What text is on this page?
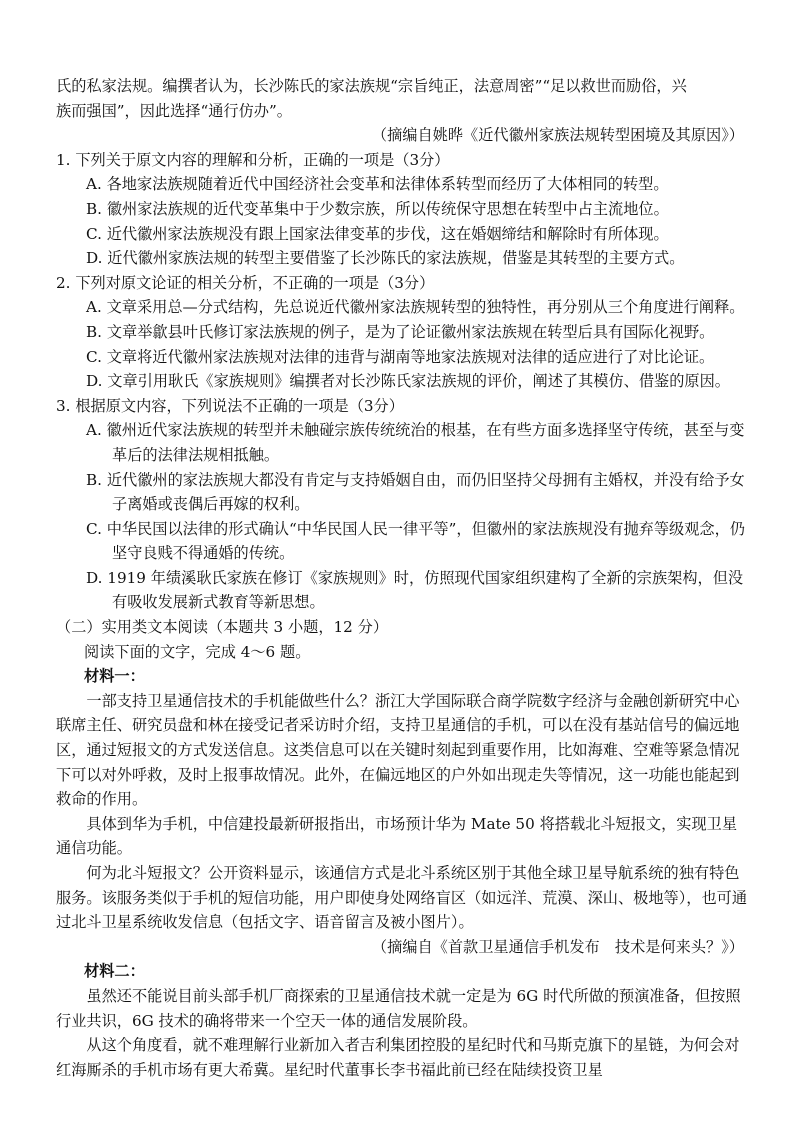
氏的私家法规。编撰者认为，长沙陈氏的家法族规“宗旨纯正，法意周密”“足以救世而励俗，兴

族而强国”，因此选择“通行仿办”。

（摘编自姚晔《近代徽州家族法规转型困境及其原因》）

1. 下列关于原文内容的理解和分析，正确的一项是（3分）

A. 各地家法族规随着近代中国经济社会变革和法律体系转型而经历了大体相同的转型。

B. 徽州家法族规的近代变革集中于少数宗族，所以传统保守思想在转型中占主流地位。

C. 近代徽州家法族规没有跟上国家法律变革的步伐，这在婚姻缔结和解除时有所体现。

D. 近代徽州家族法规的转型主要借鉴了长沙陈氏的家法族规，借鉴是其转型的主要方式。

2. 下列对原文论证的相关分析，不正确的一项是（3分）

A. 文章采用总—分式结构，先总说近代徽州家法族规转型的独特性，再分别从三个角度进行阐释。

B. 文章举歙县叶氏修订家法族规的例子，是为了论证徽州家法族规在转型后具有国际化视野。

C. 文章将近代徽州家法族规对法律的违背与湖南等地家法族规对法律的适应进行了对比论证。

D. 文章引用耿氏《家族规则》编撰者对长沙陈氏家法族规的评价，阐述了其模仿、借鉴的原因。

3. 根据原文内容，下列说法不正确的一项是（3分）

A. 徽州近代家法族规的转型并未触碰宗族传统统治的根基，在有些方面多选择坚守传统，甚至与变革后的法律法规相抵触。

B. 近代徽州的家法族规大都没有肯定与支持婚姻自由，而仍旧坚持父母拥有主婚权，并没有给予女子离婚或丧偶后再嫁的权利。

C. 中华民国以法律的形式确认“中华民国人民一律平等”，但徽州的家法族规没有抛弃等级观念，仍坚守良贱不得通婚的传统。

D. 1919 年绩溪耿氏家族在修订《家族规则》时，仿照现代国家组织建构了全新的宗族架构，但没有吸收发展新式教育等新思想。

（二）实用类文本阅读（本题共 3 小题，12 分）

阅读下面的文字，完成 4～6 题。

材料一：

一部支持卫星通信技术的手机能做些什么？浙江大学国际联合商学院数字经济与金融创新研究中心联席主任、研究员盘和林在接受记者采访时介绍，支持卫星通信的手机，可以在没有基站信号的偏远地区，通过短报文的方式发送信息。这类信息可以在关键时刻起到重要作用，比如海难、空难等紧急情况下可以对外呼救，及时上报事故情况。此外，在偏远地区的户外如出现走失等情况，这一功能也能起到救命的作用。

具体到华为手机，中信建投最新研报指出，市场预计华为 Mate 50 将搭载北斗短报文，实现卫星通信功能。

何为北斗短报文？公开资料显示，该通信方式是北斗系统区别于其他全球卫星导航系统的独有特色服务。该服务类似于手机的短信功能，用户即使身处网络盲区（如远洋、荒漠、深山、极地等），也可通过北斗卫星系统收发信息（包括文字、语音留言及被小图片）。

（摘编自《首款卫星通信手机发布　技术是何来头？》）

材料二：

虽然还不能说目前头部手机厂商探索的卫星通信技术就一定是为 6G 时代所做的预演准备，但按照行业共识，6G 技术的确将带来一个空天一体的通信发展阶段。

从这个角度看，就不难理解行业新加入者吉利集团控股的星纪时代和马斯克旗下的星链，为何会对红海厮杀的手机市场有更大希冀。星纪时代董事长李书福此前已经在陆续投资卫星
